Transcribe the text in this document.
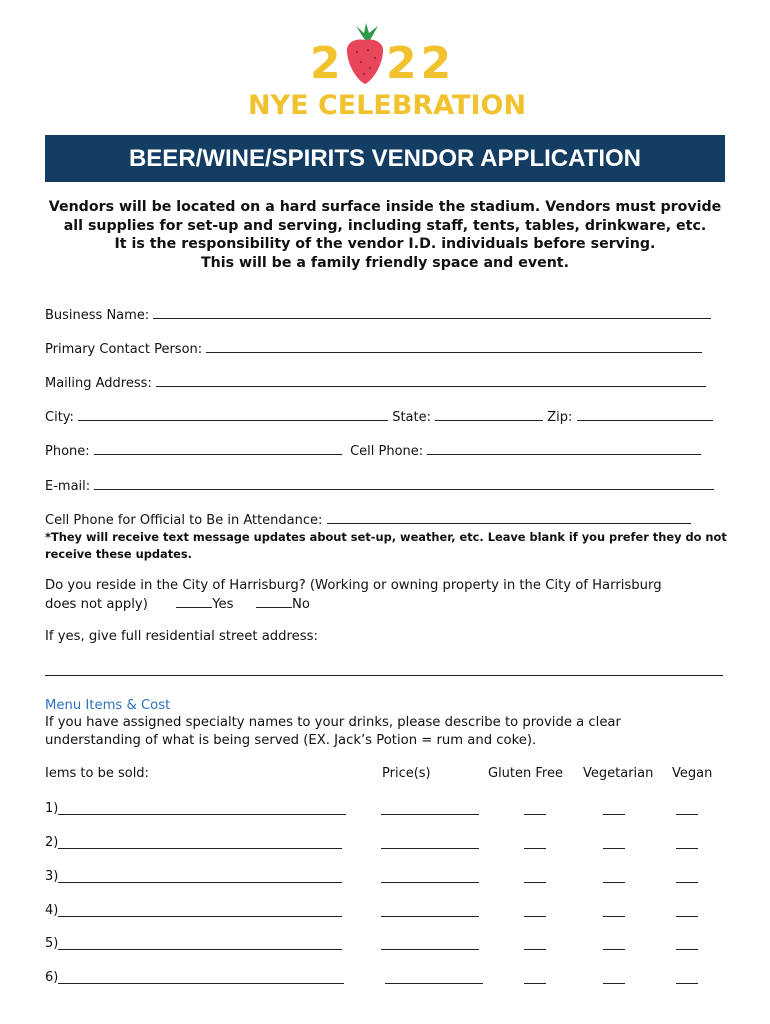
2 22
NYE CELEBRATION
BEER/WINE/SPIRITS VENDOR APPLICATION
Vendors will be located on a hard surface inside the stadium. Vendors must provide
all supplies for set-up and serving, including staff, tents, tables, drinkware, etc.
It is the responsibility of the vendor I.D. individuals before serving.
This will be a family friendly space and event.
Business Name:
Primary Contact Person:
Mailing Address:
City:	State:	Zip:
Phone:	Cell Phone:
E-mail:
Cell Phone for Official to Be in Attendance:
*They will receive text message updates about set-up, weather, etc. Leave blank if you prefer they do not
receive these updates.
Do you reside in the City of Harrisburg? (Working or owning property in the City of Harrisburg
does not apply)	Yes	No
If yes, give full residential street address:
Menu Items & Cost
If you have assigned specialty names to your drinks, please describe to provide a clear
understanding of what is being served (EX. Jack’s Potion = rum and coke).
Iems to be sold:	Price(s)	Gluten Free Vegetarian Vegan
1)
2)
3)
4)
5)
6)
